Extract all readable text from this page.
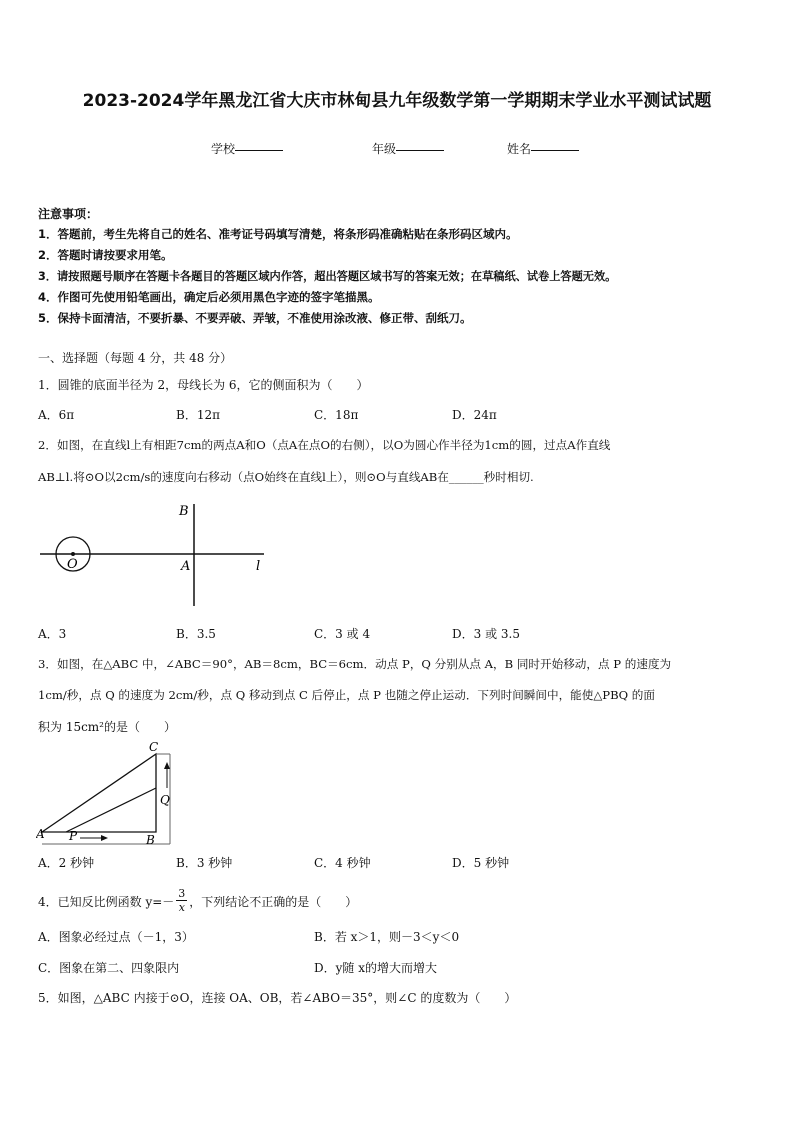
2023-2024学年黑龙江省大庆市林甸县九年级数学第一学期期末学业水平测试试题
学校	年级	姓名
注意事项：
1．答题前，考生先将自己的姓名、准考证号码填写清楚，将条形码准确粘贴在条形码区域内。
2．答题时请按要求用笔。
3．请按照题号顺序在答题卡各题目的答题区域内作答，超出答题区域书写的答案无效；在草稿纸、试卷上答题无效。
4．作图可先使用铅笔画出，确定后必须用黑色字迹的签字笔描黑。
5．保持卡面清洁，不要折暴、不要弄破、弄皱，不准使用涂改液、修正带、刮纸刀。
一、选择题（每题 4 分，共 48 分）
1．圆锥的底面半径为 2，母线长为 6，它的侧面积为（　　）
A．6π	B．12π	C．18π	D．24π
2．如图，在直线l上有相距7cm的两点A和O（点A在点O的右侧），以O为圆心作半径为1cm的圆，过点A作直线
AB⊥l.将⊙O以2cm/s的速度向右移动（点O始终在直线l上），则⊙O与直线AB在______秒时相切.
B
O	A	l
A．3	B．3.5	C．3 或 4	D．3 或 3.5
3．如图，在△ABC 中，∠ABC＝90°，AB＝8cm，BC＝6cm．动点 P，Q 分别从点 A，B 同时开始移动，点 P 的速度为
1cm/秒，点 Q 的速度为 2cm/秒，点 Q 移动到点 C 后停止，点 P 也随之停止运动．下列时间瞬间中，能使△PBQ 的面
积为 15cm²的是（　　）
C
Q
A P	B
A．2 秒钟	B．3 秒钟	C．4 秒钟	D．5 秒钟
4．已知反比例函数 $y=- \frac{3}{x}$ ，下列结论不正确的是（　　）
A．图象必经过点（－1，3）	B．若 x＞1，则－3＜y＜0
C．图象在第二、四象限内	D．y随 x的增大而增大
5．如图，△ABC 内接于⊙O，连接 OA、OB，若∠ABO＝35°，则∠C 的度数为（　　）
